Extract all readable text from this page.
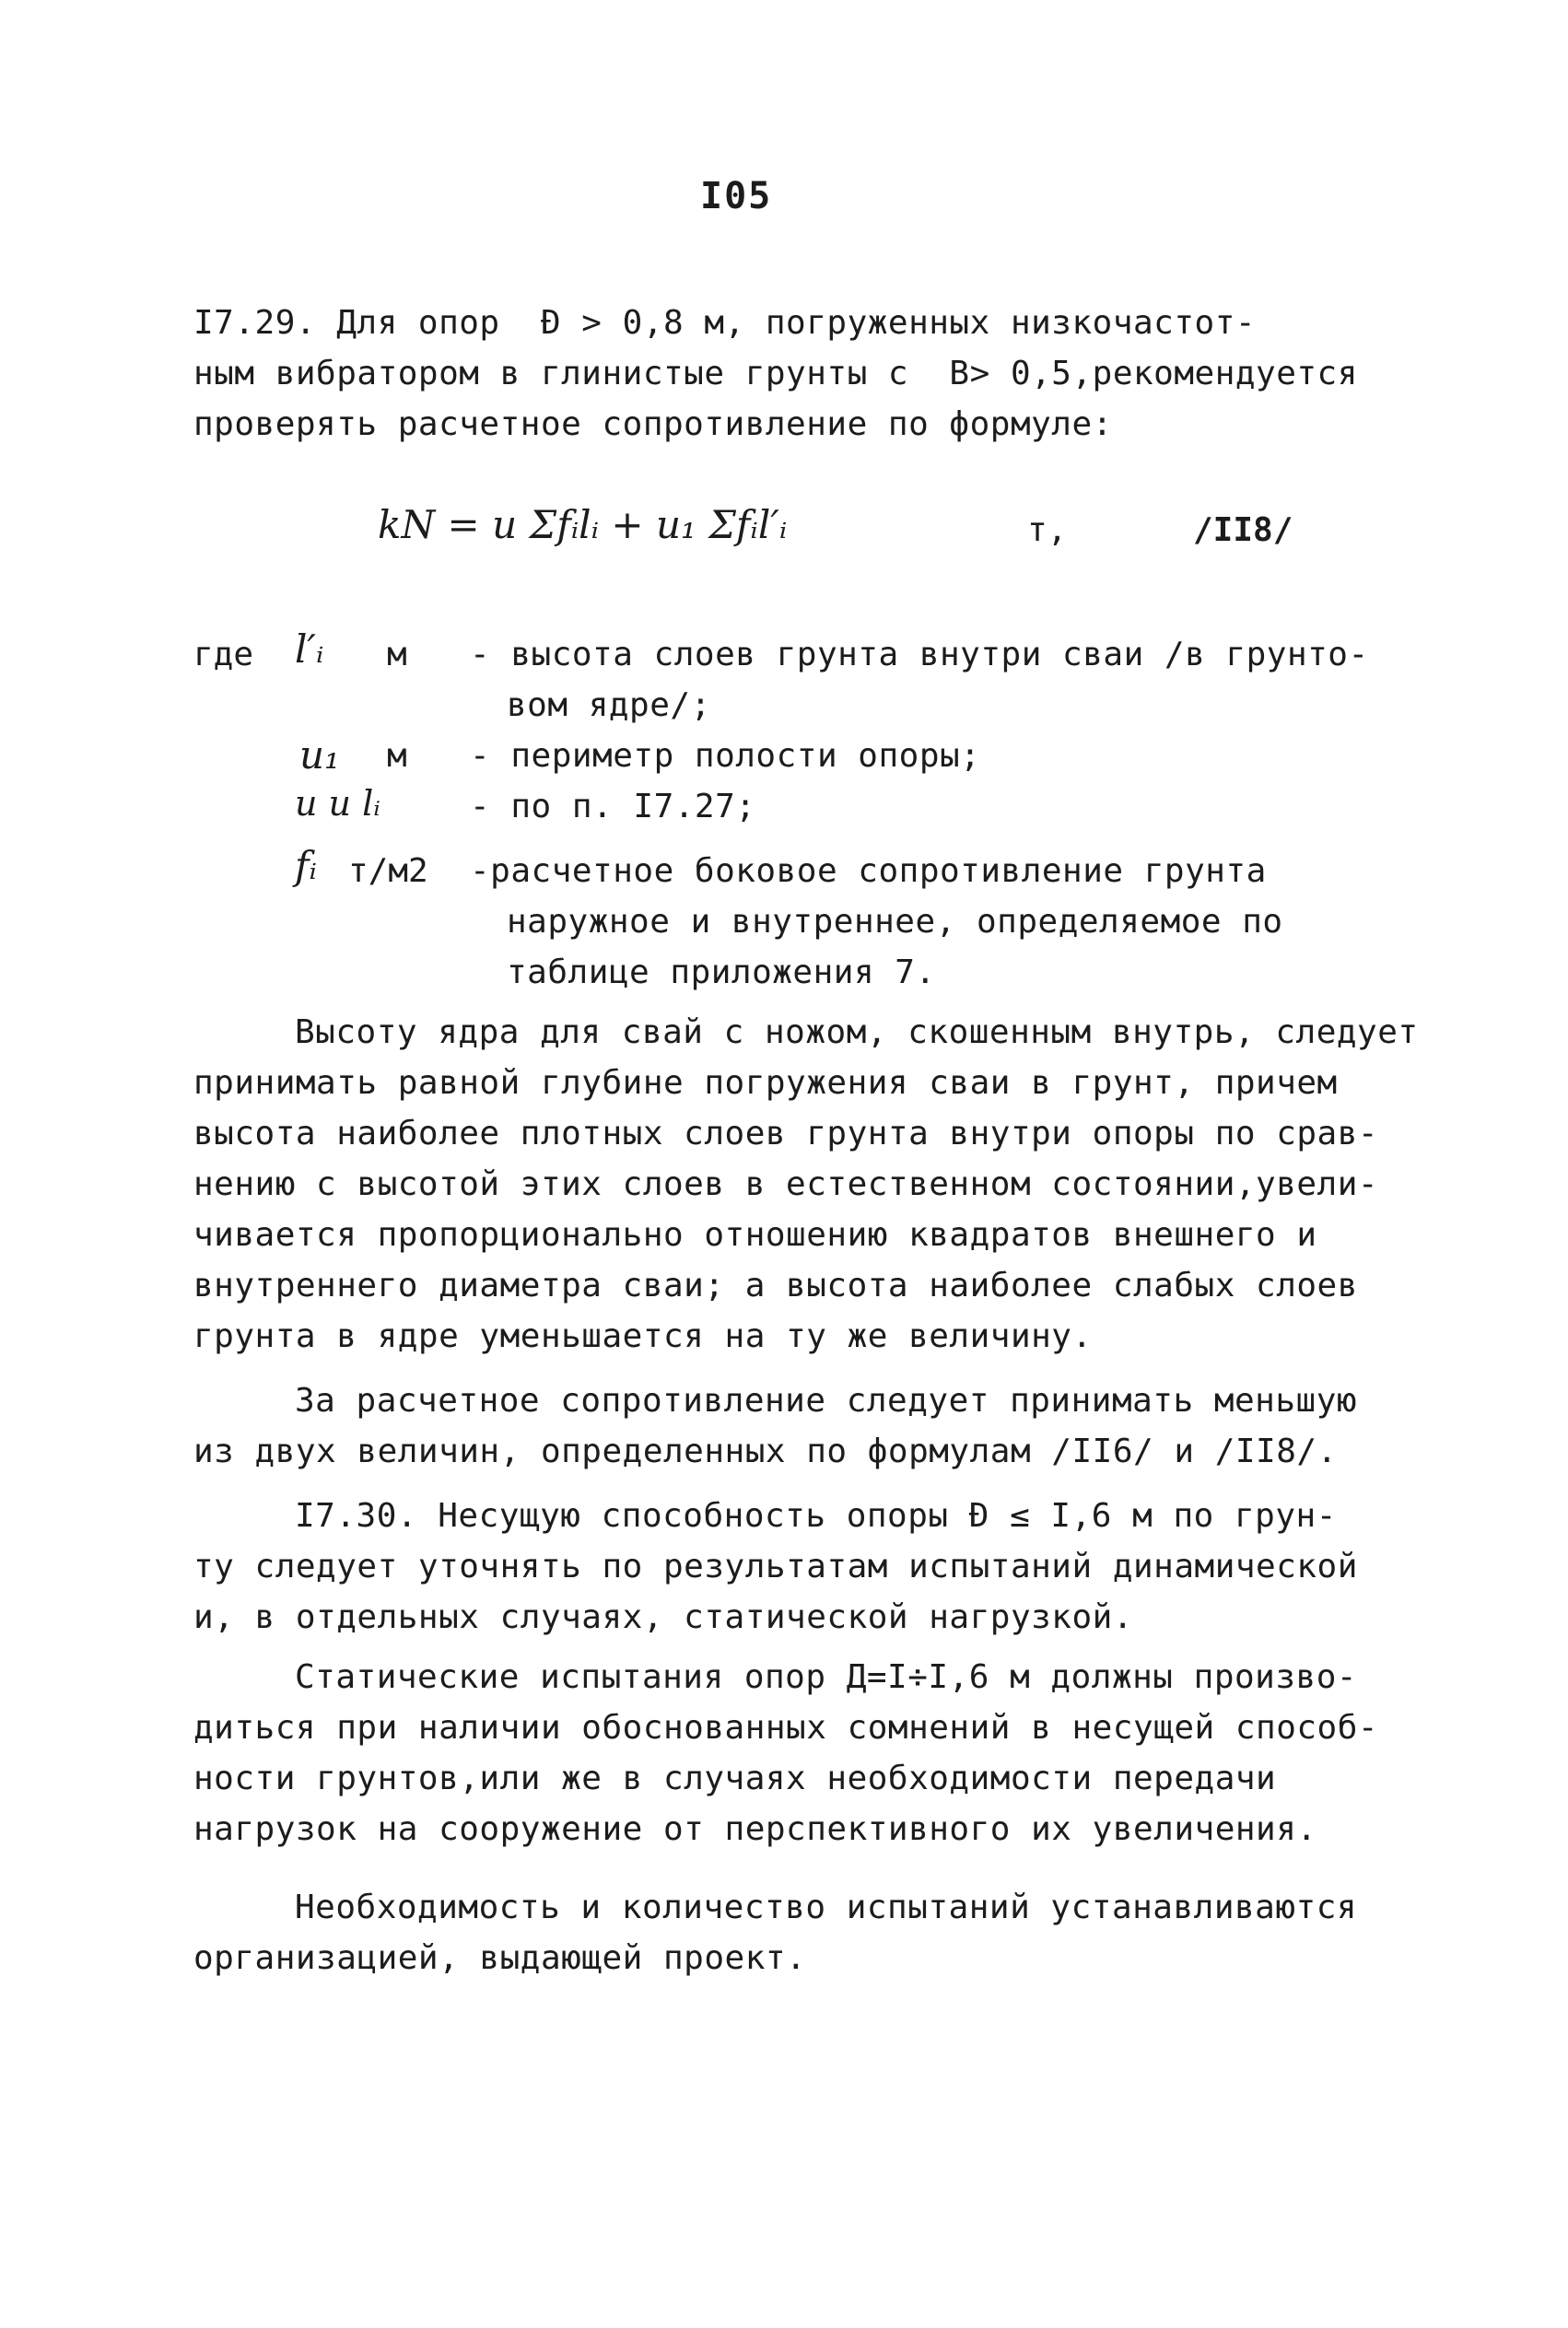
I05
I7.29. Для опор  Ð > 0,8 м, погруженных низкочастот-
ным вибратором в глинистые грунты с  В> 0,5,рекомендуется
проверять расчетное сопротивление по формуле:
kN = u Σfᵢlᵢ + u₁ Σfᵢl′ᵢ	т,	/II8/
где l′ᵢ м - высота слоев грунта внутри сваи /в грунто-
вом ядре/;
u₁ м - периметр полости опоры;
u и lᵢ	- по п. I7.27;
fᵢ т/м2 -расчетное боковое сопротивление грунта
наружное и внутреннее, определяемое по
таблице приложения 7.
Высоту ядра для свай с ножом, скошенным внутрь, следует
принимать равной глубине погружения сваи в грунт, причем
высота наиболее плотных слоев грунта внутри опоры по срав-
нению с высотой этих слоев в естественном состоянии,увели-
чивается пропорционально отношению квадратов внешнего и
внутреннего диаметра сваи; а высота наиболее слабых слоев
грунта в ядре уменьшается на ту же величину.
За расчетное сопротивление следует принимать меньшую
из двух величин, определенных по формулам /II6/ и /II8/.
I7.30. Несущую способность опоры Ð ≤ I,6 м по грун-
ту следует уточнять по результатам испытаний динамической
и, в отдельных случаях, статической нагрузкой.
Статические испытания опор Д=I÷I,6 м должны произво-
диться при наличии обоснованных сомнений в несущей способ-
ности грунтов,или же в случаях необходимости передачи
нагрузок на сооружение от перспективного их увеличения.
Необходимость и количество испытаний устанавливаются
организацией, выдающей проект.
